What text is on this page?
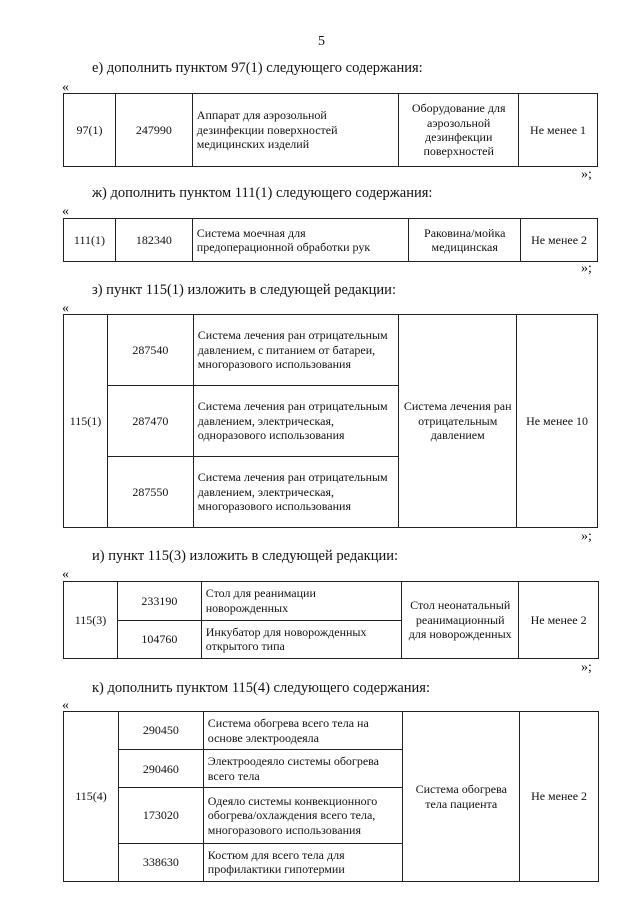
5
е) дополнить пунктом 97(1) следующего содержания:
«
97(1)	247990	Аппарат для аэрозольной дезинфекции поверхностей медицинских изделий	Оборудование для аэрозольной дезинфекции поверхностей	Не менее 1
»;
ж) дополнить пунктом 111(1) следующего содержания:
«
111(1)	182340	Система моечная для предоперационной обработки рук	Раковина/мойка медицинская	Не менее 2
»;
з) пункт 115(1) изложить в следующей редакции:
«
115(1)	287540	Система лечения ран отрицательным давлением, с питанием от батареи, многоразового использования	Система лечения ран отрицательным давлением	Не менее 10
	287470	Система лечения ран отрицательным давлением, электрическая, одноразового использования		
	287550	Система лечения ран отрицательным давлением, электрическая, многоразового использования		
»;
и) пункт 115(3) изложить в следующей редакции:
«
115(3)	233190	Стол для реанимации новорожденных	Стол неонатальный реанимационный для новорожденных	Не менее 2
	104760	Инкубатор для новорожденных открытого типа		
»;
к) дополнить пунктом 115(4) следующего содержания:
«
115(4)	290450	Система обогрева всего тела на основе электроодеяла	Система обогрева тела пациента	Не менее 2
	290460	Электроодеяло системы обогрева всего тела		
	173020	Одеяло системы конвекционного обогрева/охлаждения всего тела, многоразового использования		
	338630	Костюм для всего тела для профилактики гипотермии		
